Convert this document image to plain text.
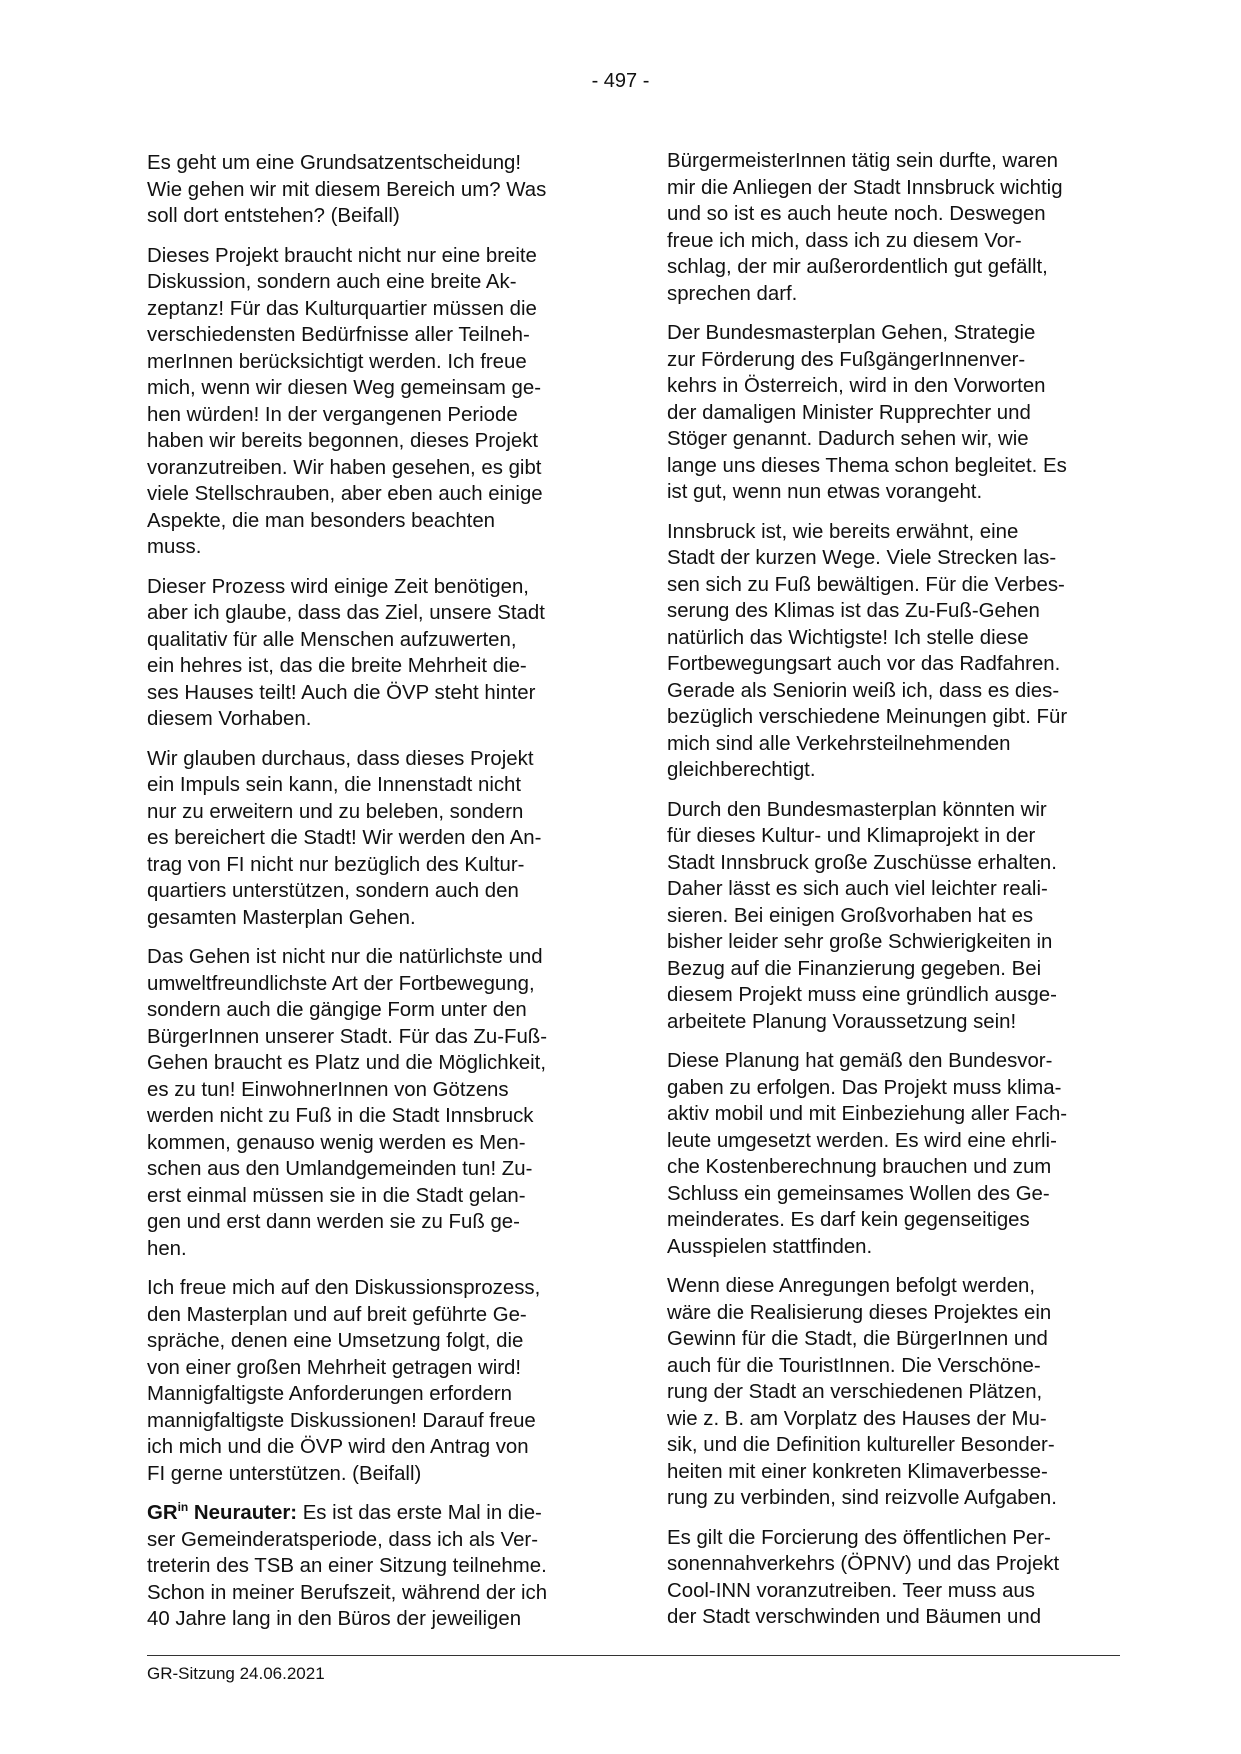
- 497 -

Es geht um eine Grundsatzentscheidung!
Wie gehen wir mit diesem Bereich um? Was
soll dort entstehen? (Beifall)

Dieses Projekt braucht nicht nur eine breite
Diskussion, sondern auch eine breite Ak-
zeptanz! Für das Kulturquartier müssen die
verschiedensten Bedürfnisse aller Teilneh-
merInnen berücksichtigt werden. Ich freue
mich, wenn wir diesen Weg gemeinsam ge-
hen würden! In der vergangenen Periode
haben wir bereits begonnen, dieses Projekt
voranzutreiben. Wir haben gesehen, es gibt
viele Stellschrauben, aber eben auch einige
Aspekte, die man besonders beachten
muss.

Dieser Prozess wird einige Zeit benötigen,
aber ich glaube, dass das Ziel, unsere Stadt
qualitativ für alle Menschen aufzuwerten,
ein hehres ist, das die breite Mehrheit die-
ses Hauses teilt! Auch die ÖVP steht hinter
diesem Vorhaben.

Wir glauben durchaus, dass dieses Projekt
ein Impuls sein kann, die Innenstadt nicht
nur zu erweitern und zu beleben, sondern
es bereichert die Stadt! Wir werden den An-
trag von FI nicht nur bezüglich des Kultur-
quartiers unterstützen, sondern auch den
gesamten Masterplan Gehen.

Das Gehen ist nicht nur die natürlichste und
umweltfreundlichste Art der Fortbewegung,
sondern auch die gängige Form unter den
BürgerInnen unserer Stadt. Für das Zu-Fuß-
Gehen braucht es Platz und die Möglichkeit,
es zu tun! EinwohnerInnen von Götzens
werden nicht zu Fuß in die Stadt Innsbruck
kommen, genauso wenig werden es Men-
schen aus den Umlandgemeinden tun! Zu-
erst einmal müssen sie in die Stadt gelan-
gen und erst dann werden sie zu Fuß ge-
hen.

Ich freue mich auf den Diskussionsprozess,
den Masterplan und auf breit geführte Ge-
spräche, denen eine Umsetzung folgt, die
von einer großen Mehrheit getragen wird!
Mannigfaltigste Anforderungen erfordern
mannigfaltigste Diskussionen! Darauf freue
ich mich und die ÖVP wird den Antrag von
FI gerne unterstützen. (Beifall)

$GR^{in}$ Neurauter: Es ist das erste Mal in die-
ser Gemeinderatsperiode, dass ich als Ver-
treterin des TSB an einer Sitzung teilnehme.
Schon in meiner Berufszeit, während der ich
40 Jahre lang in den Büros der jeweiligen

BürgermeisterInnen tätig sein durfte, waren
mir die Anliegen der Stadt Innsbruck wichtig
und so ist es auch heute noch. Deswegen
freue ich mich, dass ich zu diesem Vor-
schlag, der mir außerordentlich gut gefällt,
sprechen darf.

Der Bundesmasterplan Gehen, Strategie
zur Förderung des FußgängerInnenver-
kehrs in Österreich, wird in den Vorworten
der damaligen Minister Rupprechter und
Stöger genannt. Dadurch sehen wir, wie
lange uns dieses Thema schon begleitet. Es
ist gut, wenn nun etwas vorangeht.

Innsbruck ist, wie bereits erwähnt, eine
Stadt der kurzen Wege. Viele Strecken las-
sen sich zu Fuß bewältigen. Für die Verbes-
serung des Klimas ist das Zu-Fuß-Gehen
natürlich das Wichtigste! Ich stelle diese
Fortbewegungsart auch vor das Radfahren.
Gerade als Seniorin weiß ich, dass es dies-
bezüglich verschiedene Meinungen gibt. Für
mich sind alle Verkehrsteilnehmenden
gleichberechtigt.

Durch den Bundesmasterplan könnten wir
für dieses Kultur- und Klimaprojekt in der
Stadt Innsbruck große Zuschüsse erhalten.
Daher lässt es sich auch viel leichter reali-
sieren. Bei einigen Großvorhaben hat es
bisher leider sehr große Schwierigkeiten in
Bezug auf die Finanzierung gegeben. Bei
diesem Projekt muss eine gründlich ausge-
arbeitete Planung Voraussetzung sein!

Diese Planung hat gemäß den Bundesvor-
gaben zu erfolgen. Das Projekt muss klima-
aktiv mobil und mit Einbeziehung aller Fach-
leute umgesetzt werden. Es wird eine ehrli-
che Kostenberechnung brauchen und zum
Schluss ein gemeinsames Wollen des Ge-
meinderates. Es darf kein gegenseitiges
Ausspielen stattfinden.

Wenn diese Anregungen befolgt werden,
wäre die Realisierung dieses Projektes ein
Gewinn für die Stadt, die BürgerInnen und
auch für die TouristInnen. Die Verschöne-
rung der Stadt an verschiedenen Plätzen,
wie z. B. am Vorplatz des Hauses der Mu-
sik, und die Definition kultureller Besonder-
heiten mit einer konkreten Klimaverbesse-
rung zu verbinden, sind reizvolle Aufgaben.

Es gilt die Forcierung des öffentlichen Per-
sonennahverkehrs (ÖPNV) und das Projekt
Cool-INN voranzutreiben. Teer muss aus
der Stadt verschwinden und Bäumen und

GR-Sitzung 24.06.2021
